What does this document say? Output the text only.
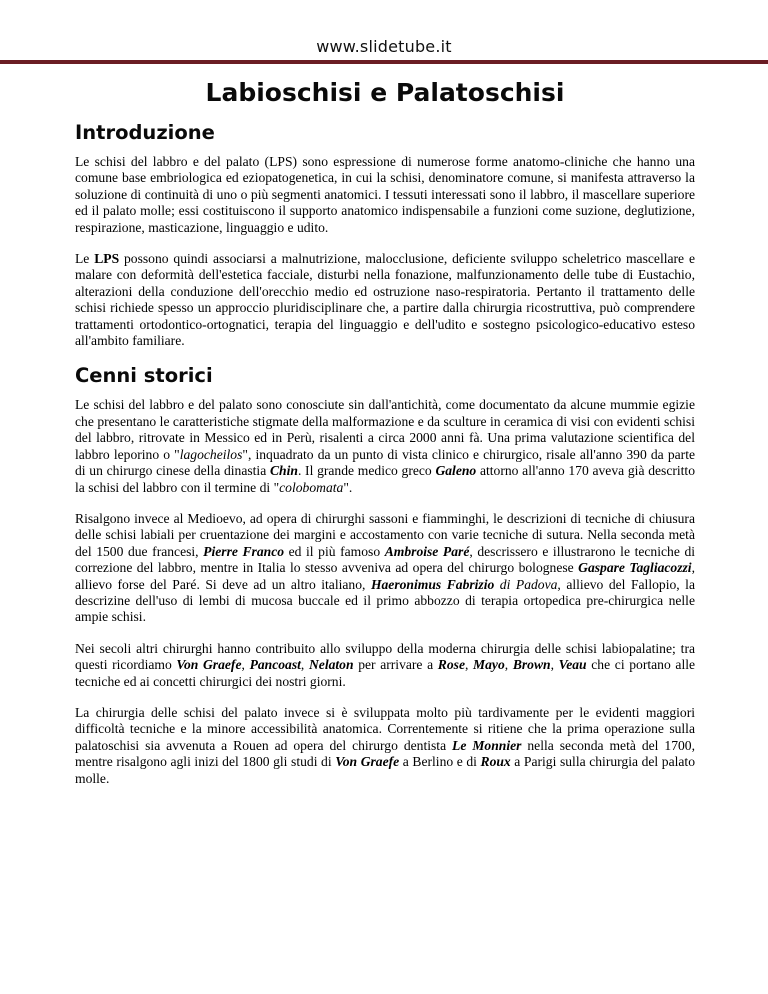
www.slidetube.it
Labioschisi e Palatoschisi
Introduzione

Le schisi del labbro e del palato (LPS) sono espressione di numerose forme anatomo-cliniche che hanno una comune base embriologica ed eziopatogenetica, in cui la schisi, denominatore comune, si manifesta attraverso la soluzione di continuità di uno o più segmenti anatomici. I tessuti interessati sono il labbro, il mascellare superiore ed il palato molle; essi costituiscono il supporto anatomico indispensabile a funzioni come suzione, deglutizione, respirazione, masticazione, linguaggio e udito.

Le LPS possono quindi associarsi a malnutrizione, malocclusione, deficiente sviluppo scheletrico mascellare e malare con deformità dell'estetica facciale, disturbi nella fonazione, malfunzionamento delle tube di Eustachio, alterazioni della conduzione dell'orecchio medio ed ostruzione naso-respiratoria. Pertanto il trattamento delle schisi richiede spesso un approccio pluridisciplinare che, a partire dalla chirurgia ricostruttiva, può comprendere trattamenti ortodontico-ortognatici, terapia del linguaggio e dell'udito e sostegno psicologico-educativo esteso all'ambito familiare.

Cenni storici

Le schisi del labbro e del palato sono conosciute sin dall'antichità, come documentato da alcune mummie egizie che presentano le caratteristiche stigmate della malformazione e da sculture in ceramica di visi con evidenti schisi del labbro, ritrovate in Messico ed in Perù, risalenti a circa 2000 anni fà. Una prima valutazione scientifica del labbro leporino o "lagocheilos", inquadrato da un punto di vista clinico e chirurgico, risale all'anno 390 da parte di un chirurgo cinese della dinastia Chin. Il grande medico greco Galeno attorno all'anno 170 aveva già descritto la schisi del labbro con il termine di "colobomata".

Risalgono invece al Medioevo, ad opera di chirurghi sassoni e fiamminghi, le descrizioni di tecniche di chiusura delle schisi labiali per cruentazione dei margini e accostamento con varie tecniche di sutura. Nella seconda metà del 1500 due francesi, Pierre Franco ed il più famoso Ambroise Paré, descrissero e illustrarono le tecniche di correzione del labbro, mentre in Italia lo stesso avveniva ad opera del chirurgo bolognese Gaspare Tagliacozzi, allievo forse del Paré. Si deve ad un altro italiano, Haeronimus Fabrizio di Padova, allievo del Fallopio, la descrizine dell'uso di lembi di mucosa buccale ed il primo abbozzo di terapia ortopedica pre-chirurgica nelle ampie schisi.

Nei secoli altri chirurghi hanno contribuito allo sviluppo della moderna chirurgia delle schisi labiopalatine; tra questi ricordiamo Von Graefe, Pancoast, Nelaton per arrivare a Rose, Mayo, Brown, Veau che ci portano alle tecniche ed ai concetti chirurgici dei nostri giorni.

La chirurgia delle schisi del palato invece si è sviluppata molto più tardivamente per le evidenti maggiori difficoltà tecniche e la minore accessibilità anatomica. Correntemente si ritiene che la prima operazione sulla palatoschisi sia avvenuta a Rouen ad opera del chirurgo dentista Le Monnier nella seconda metà del 1700, mentre risalgono agli inizi del 1800 gli studi di Von Graefe a Berlino e di Roux a Parigi sulla chirurgia del palato molle.
